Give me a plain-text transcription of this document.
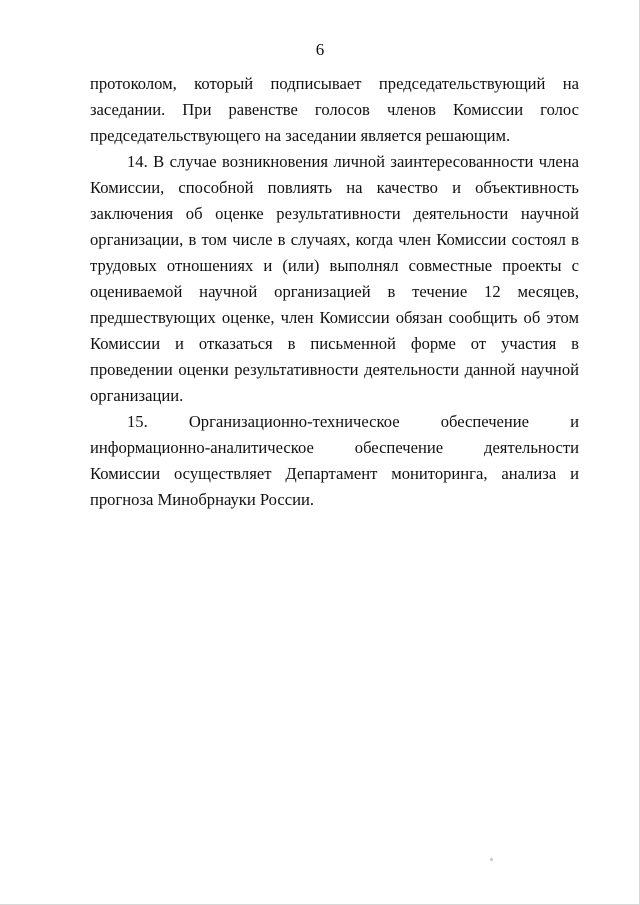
6

протоколом, который подписывает председательствующий на заседании. При равенстве голосов членов Комиссии голос председательствующего на заседании является решающим.

14. В случае возникновения личной заинтересованности члена Комиссии, способной повлиять на качество и объективность заключения об оценке результативности деятельности научной организации, в том числе в случаях, когда член Комиссии состоял в трудовых отношениях и (или) выполнял совместные проекты с оцениваемой научной организацией в течение 12 месяцев, предшествующих оценке, член Комиссии обязан сообщить об этом Комиссии и отказаться в письменной форме от участия в проведении оценки результативности деятельности данной научной организации.

15. Организационно-техническое обеспечение и информационно-аналитическое обеспечение деятельности Комиссии осуществляет Департамент мониторинга, анализа и прогноза Минобрнауки России.
